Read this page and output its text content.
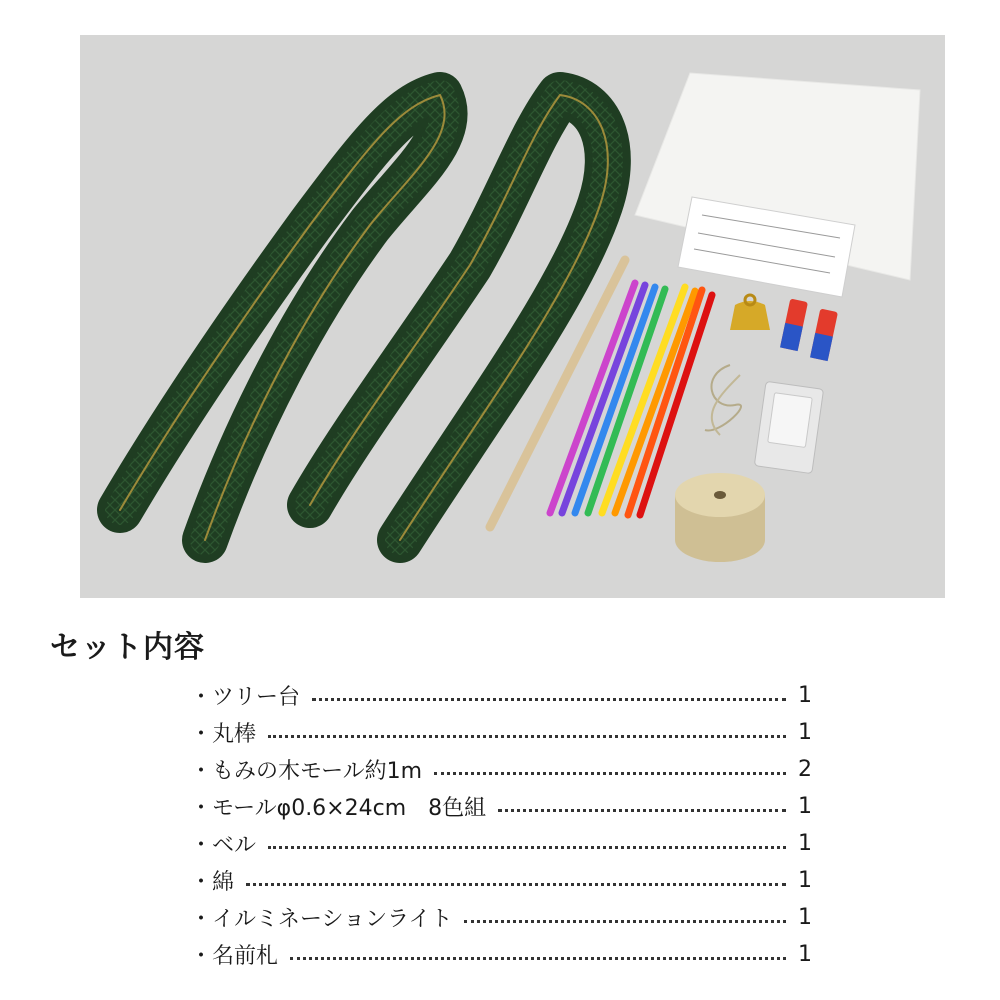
セット内容
・ ツリー台	1
・ 丸棒	1
・ もみの木モール約1m	2
・ モールφ0.6×24cm　8色組	1
・ ベル	1
・ 綿	1
・ イルミネーションライト	1
・ 名前札	1
